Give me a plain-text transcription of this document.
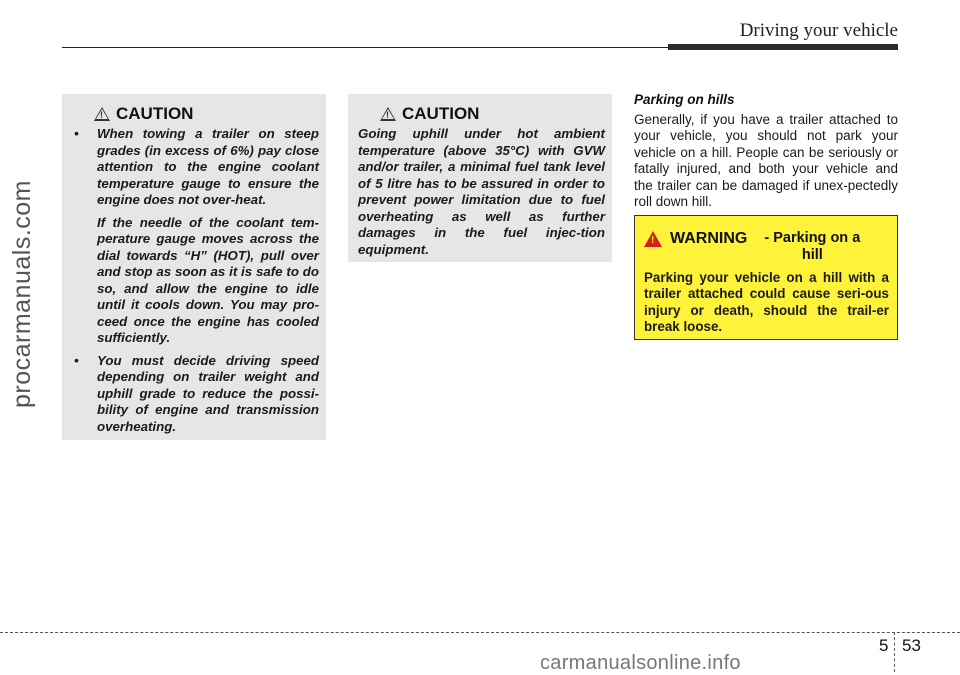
Driving your vehicle
procarmanuals.com
!
CAUTION
• When towing a trailer on steep grades (in excess of 6%) pay close attention to the engine coolant temperature gauge to ensure the engine does not over-heat.

If the needle of the coolant tem-perature gauge moves across the dial towards “H” (HOT), pull over and stop as soon as it is safe to do so, and allow the engine to idle until it cools down. You may pro-ceed once the engine has cooled sufficiently.

• You must decide driving speed depending on trailer weight and uphill grade to reduce the possi-bility of engine and transmission overheating.

!
CAUTION
Going uphill under hot ambient temperature (above 35°C) with GVW and/or trailer, a minimal fuel tank level of 5 litre has to be assured in order to prevent power limitation due to fuel overheating as well as further damages in the fuel injec-tion equipment.
Parking on hills
Generally, if you have a trailer attached to your vehicle, you should not park your vehicle on a hill. People can be seriously or fatally injured, and both your vehicle and the trailer can be damaged if unex-pectedly roll down hill.
!
WARNING	- Parking on a hill
Parking your vehicle on a hill with a trailer attached could cause seri-ous injury or death, should the trail-er break loose.
5 53
carmanualsonline.info
